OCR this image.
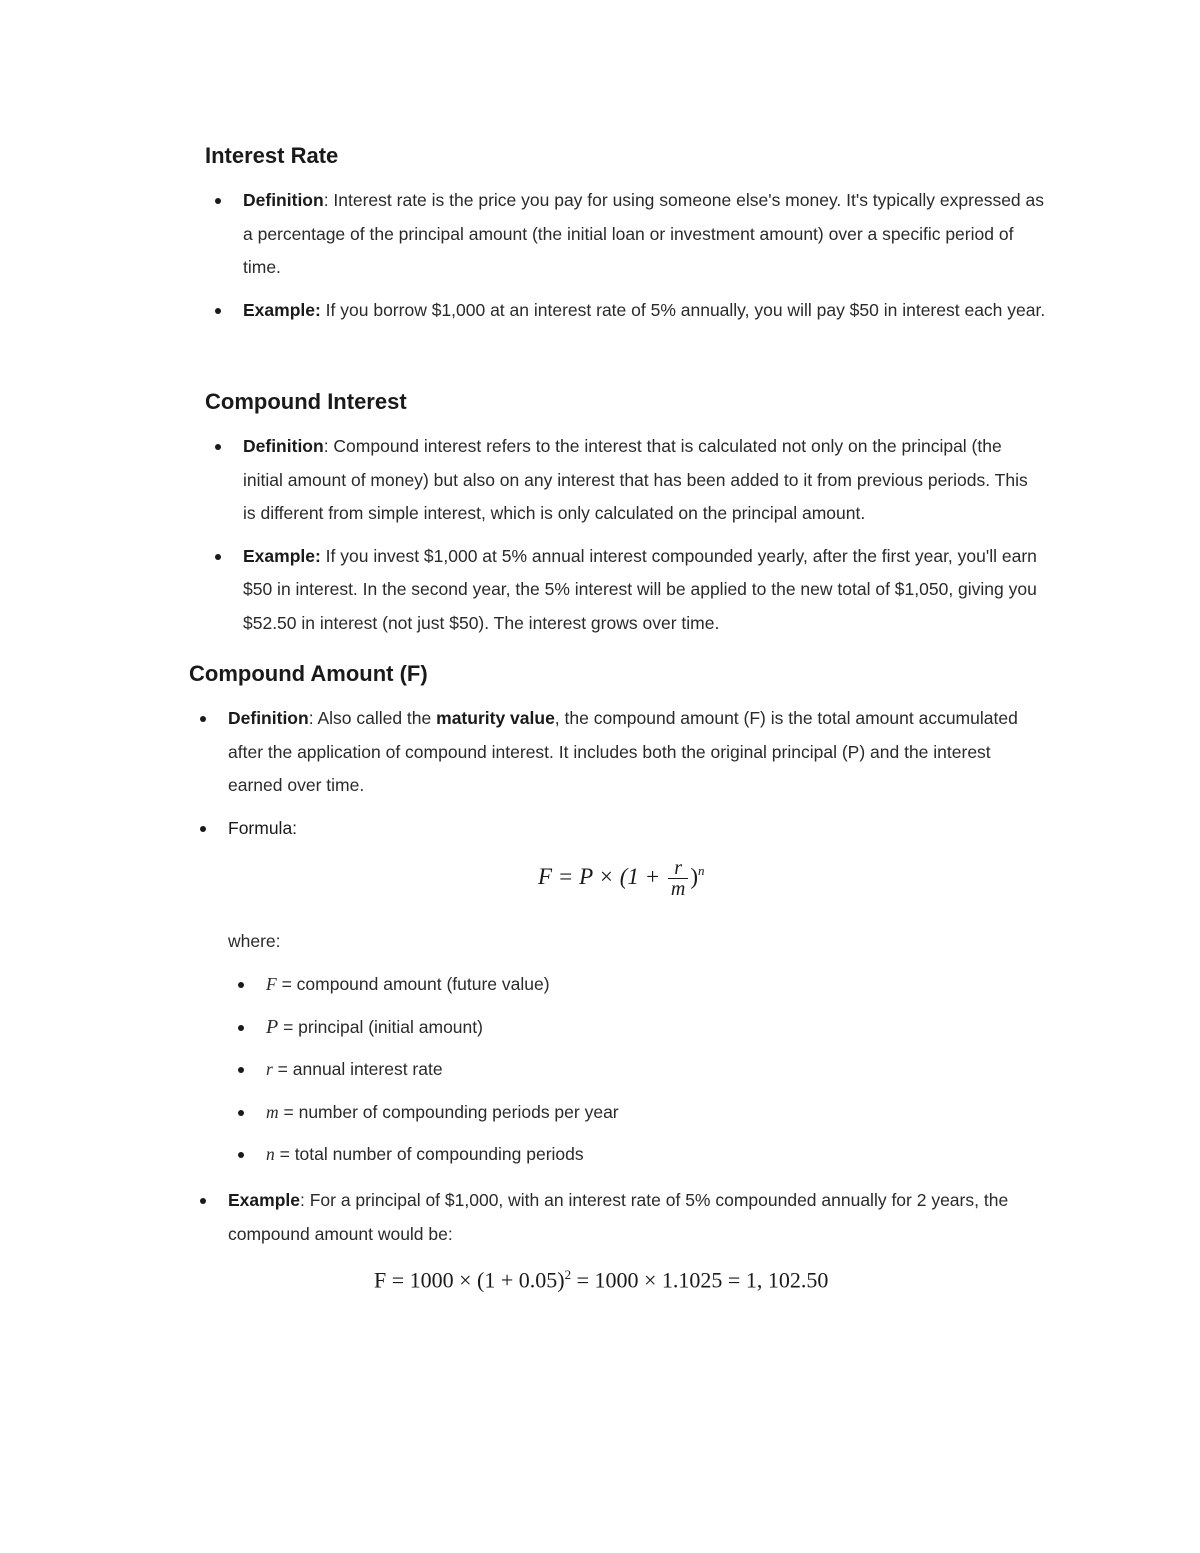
Interest Rate
Definition: Interest rate is the price you pay for using someone else's money. It's typically expressed as a percentage of the principal amount (the initial loan or investment amount) over a specific period of time.
Example: If you borrow $1,000 at an interest rate of 5% annually, you will pay $50 in interest each year.
Compound Interest
Definition: Compound interest refers to the interest that is calculated not only on the principal (the initial amount of money) but also on any interest that has been added to it from previous periods. This is different from simple interest, which is only calculated on the principal amount.
Example: If you invest $1,000 at 5% annual interest compounded yearly, after the first year, you'll earn $50 in interest. In the second year, the 5% interest will be applied to the new total of $1,050, giving you $52.50 in interest (not just $50). The interest grows over time.
Compound Amount (F)
Definition: Also called the maturity value, the compound amount (F) is the total amount accumulated after the application of compound interest. It includes both the original principal (P) and the interest earned over time.
Formula:
$F = P \times (1 + \frac{r}{m} )^n$
where:
F = compound amount (future value)
P = principal (initial amount)
r = annual interest rate
m = number of compounding periods per year
n = total number of compounding periods
Example: For a principal of $1,000, with an interest rate of 5% compounded annually for 2 years, the compound amount would be:
$F = 1000 \times (1 + 0.05)^2 = 1000 \times 1.1025 = 1$, 102.50
